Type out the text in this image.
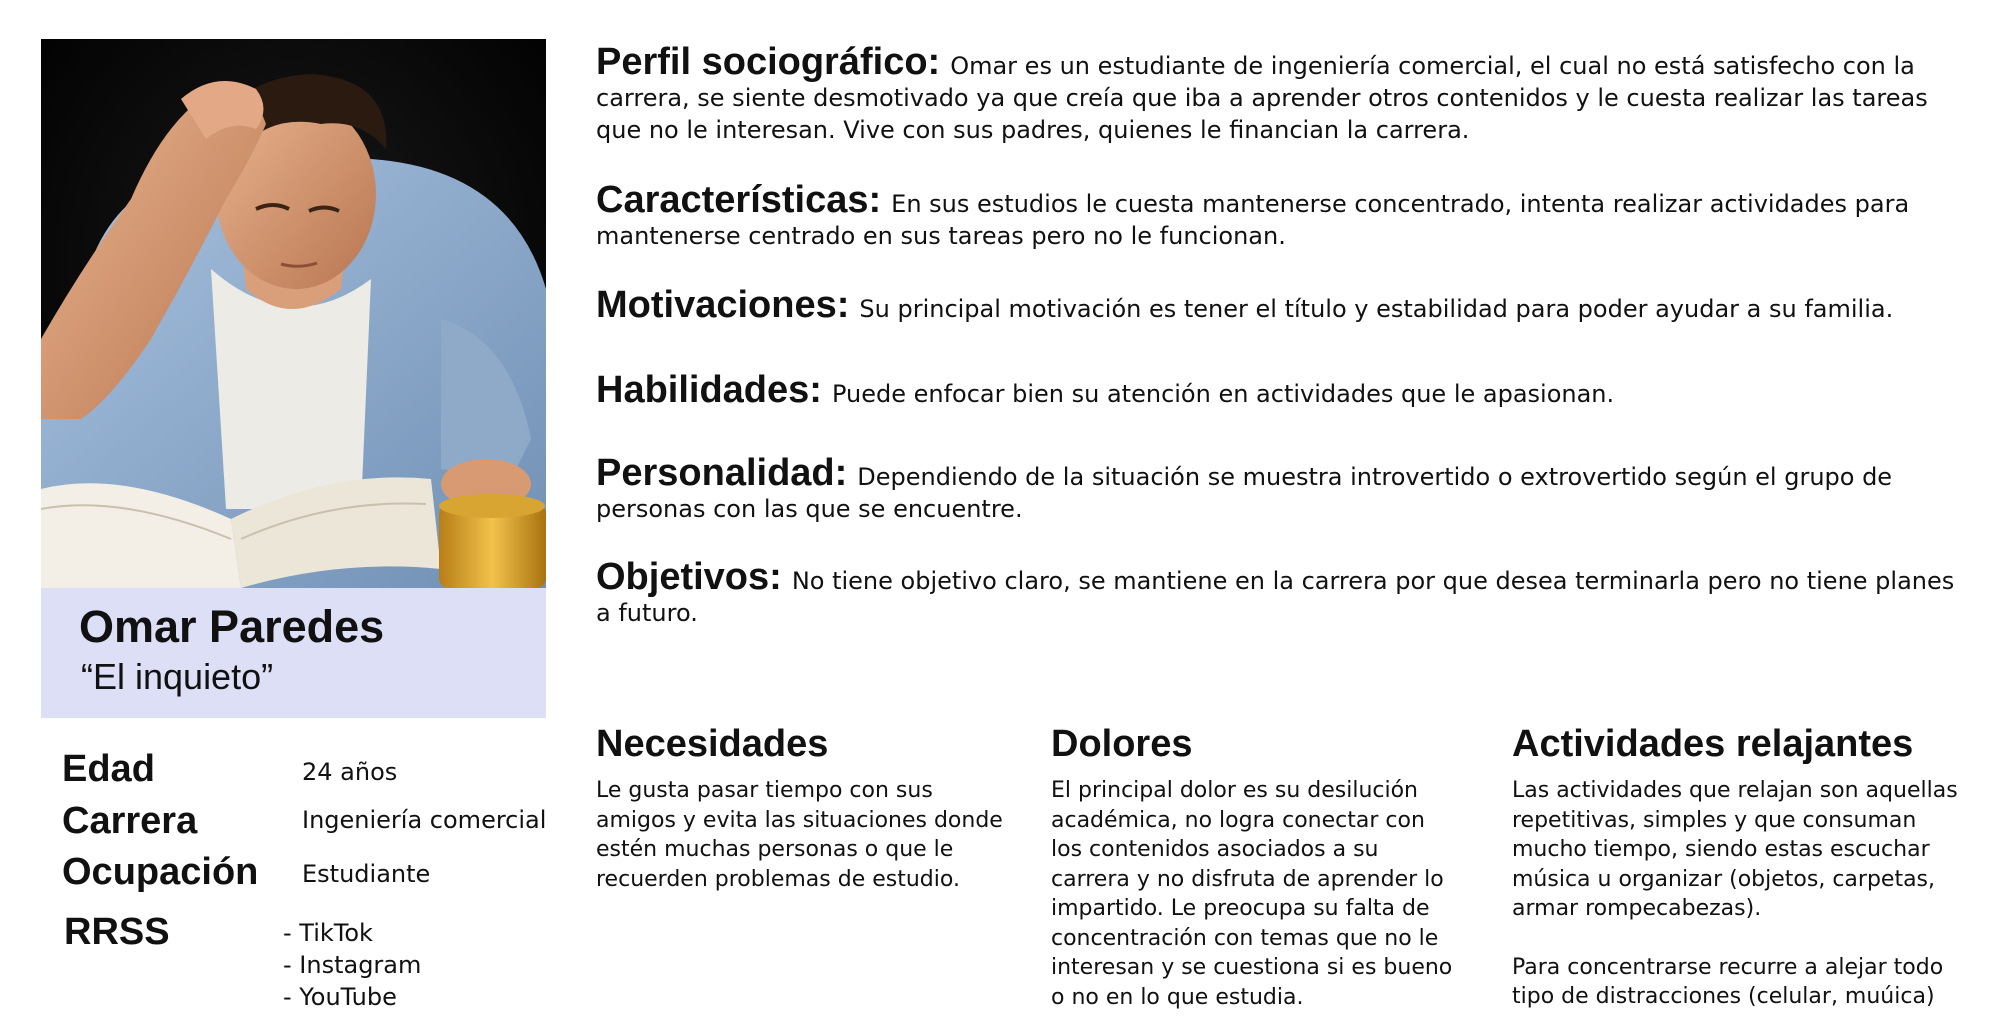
Omar Paredes

“El inquieto”

Edad	24 años

Carrera	Ingeniería comercial

Ocupación Estudiante

RRSS	- TikTok
- Instagram
- YouTube

Perfil sociográfico: Omar es un estudiante de ingeniería comercial, el cual no está satisfecho con la carrera, se siente desmotivado ya que creía que iba a aprender otros contenidos y le cuesta realizar las tareas que no le interesan. Vive con sus padres, quienes le financian la carrera.

Características: En sus estudios le cuesta mantenerse concentrado, intenta realizar actividades para mantenerse centrado en sus tareas pero no le funcionan.

Motivaciones: Su principal motivación es tener el título y estabilidad para poder ayudar a su familia.

Habilidades: Puede enfocar bien su atención en actividades que le apasionan.

Personalidad: Dependiendo de la situación se muestra introvertido o extrovertido según el grupo de personas con las que se encuentre.

Objetivos: No tiene objetivo claro, se mantiene en la carrera por que desea terminarla pero no tiene planes a futuro.

Necesidades

Le gusta pasar tiempo con sus amigos y evita las situaciones donde estén muchas personas o que le recuerden problemas de estudio.

Dolores

El principal dolor es su desilución académica, no logra conectar con los contenidos asociados a su carrera y no disfruta de aprender lo impartido. Le preocupa su falta de concentración con temas que no le interesan y se cuestiona si es bueno o no en lo que estudia.

Actividades relajantes

Las actividades que relajan son aquellas repetitivas, simples y que consuman mucho tiempo, siendo estas escuchar música u organizar (objetos, carpetas, armar rompecabezas).

Para concentrarse recurre a alejar todo tipo de distracciones (celular, muúica)
